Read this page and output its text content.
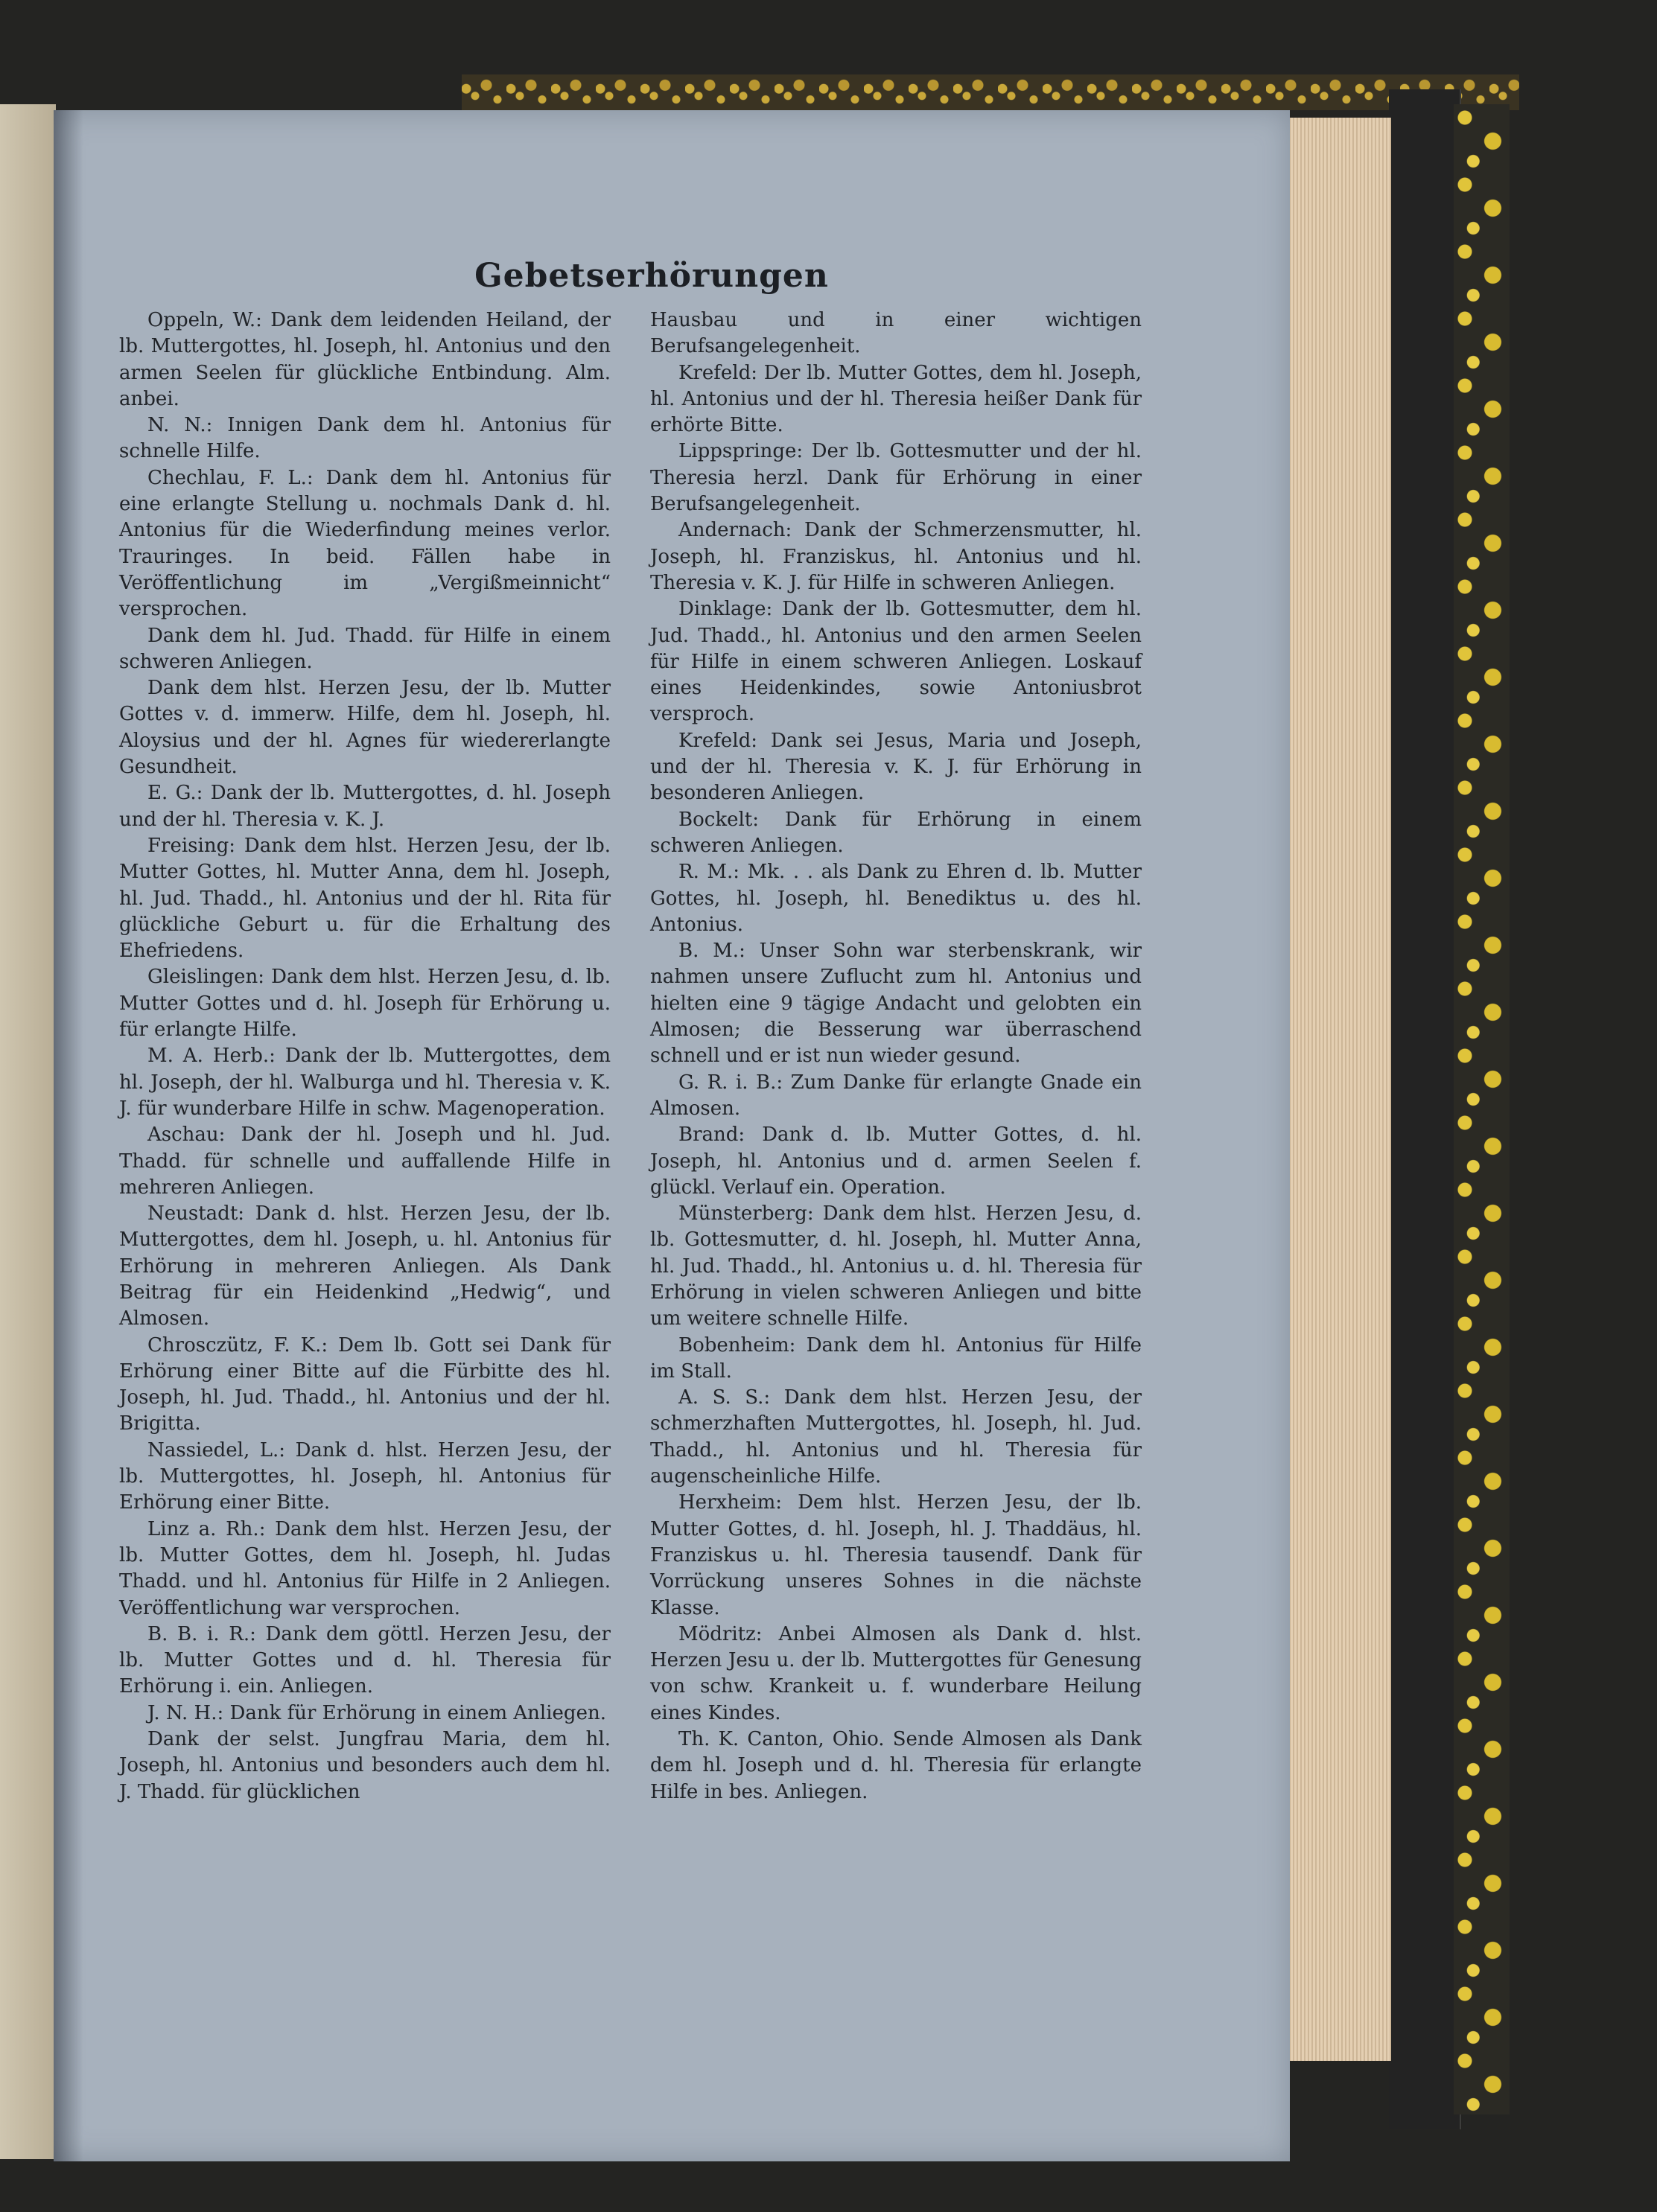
Gebetserhörungen

Oppeln, W.: Dank dem leidenden Heiland, der lb. Muttergottes, hl. Joseph, hl. Antonius und den armen Seelen für glückliche Entbindung. Alm. anbei.

N. N.: Innigen Dank dem hl. Antonius für schnelle Hilfe.

Chechlau, F. L.: Dank dem hl. Antonius für eine erlangte Stellung u. nochmals Dank d. hl. Antonius für die Wiederfindung meines verlor. Trauringes. In beid. Fällen habe in Veröffentlichung im „Vergißmeinnicht“ versprochen.

Dank dem hl. Jud. Thadd. für Hilfe in einem schweren Anliegen.

Dank dem hlst. Herzen Jesu, der lb. Mutter Gottes v. d. immerw. Hilfe, dem hl. Joseph, hl. Aloysius und der hl. Agnes für wiedererlangte Gesundheit.

E. G.: Dank der lb. Muttergottes, d. hl. Joseph und der hl. Theresia v. K. J.

Freising: Dank dem hlst. Herzen Jesu, der lb. Mutter Gottes, hl. Mutter Anna, dem hl. Joseph, hl. Jud. Thadd., hl. Antonius und der hl. Rita für glückliche Geburt u. für die Erhaltung des Ehefriedens.

Gleislingen: Dank dem hlst. Herzen Jesu, d. lb. Mutter Gottes und d. hl. Joseph für Erhörung u. für erlangte Hilfe.

M. A. Herb.: Dank der lb. Muttergottes, dem hl. Joseph, der hl. Walburga und hl. Theresia v. K. J. für wunderbare Hilfe in schw. Magenoperation.

Aschau: Dank der hl. Joseph und hl. Jud. Thadd. für schnelle und auffallende Hilfe in mehreren Anliegen.

Neustadt: Dank d. hlst. Herzen Jesu, der lb. Muttergottes, dem hl. Joseph, u. hl. Antonius für Erhörung in mehreren Anliegen. Als Dank Beitrag für ein Heidenkind „Hedwig“, und Almosen.

Chrosczütz, F. K.: Dem lb. Gott sei Dank für Erhörung einer Bitte auf die Fürbitte des hl. Joseph, hl. Jud. Thadd., hl. Antonius und der hl. Brigitta.

Nassiedel, L.: Dank d. hlst. Herzen Jesu, der lb. Muttergottes, hl. Joseph, hl. Antonius für Erhörung einer Bitte.

Linz a. Rh.: Dank dem hlst. Herzen Jesu, der lb. Mutter Gottes, dem hl. Joseph, hl. Judas Thadd. und hl. Antonius für Hilfe in 2 Anliegen. Veröffentlichung war versprochen.

B. B. i. R.: Dank dem göttl. Herzen Jesu, der lb. Mutter Gottes und d. hl. Theresia für Erhörung i. ein. Anliegen.

J. N. H.: Dank für Erhörung in einem Anliegen.

Dank der selst. Jungfrau Maria, dem hl. Joseph, hl. Antonius und besonders auch dem hl. J. Thadd. für glücklichen

Hausbau und in einer wichtigen Berufsangelegenheit.

Krefeld: Der lb. Mutter Gottes, dem hl. Joseph, hl. Antonius und der hl. Theresia heißer Dank für erhörte Bitte.

Lippspringe: Der lb. Gottesmutter und der hl. Theresia herzl. Dank für Erhörung in einer Berufsangelegenheit.

Andernach: Dank der Schmerzensmutter, hl. Joseph, hl. Franziskus, hl. Antonius und hl. Theresia v. K. J. für Hilfe in schweren Anliegen.

Dinklage: Dank der lb. Gottesmutter, dem hl. Jud. Thadd., hl. Antonius und den armen Seelen für Hilfe in einem schweren Anliegen. Loskauf eines Heidenkindes, sowie Antoniusbrot versproch.

Krefeld: Dank sei Jesus, Maria und Joseph, und der hl. Theresia v. K. J. für Erhörung in besonderen Anliegen.

Bockelt: Dank für Erhörung in einem schweren Anliegen.

R. M.: Mk. . . als Dank zu Ehren d. lb. Mutter Gottes, hl. Joseph, hl. Benediktus u. des hl. Antonius.

B. M.: Unser Sohn war sterbenskrank, wir nahmen unsere Zuflucht zum hl. Antonius und hielten eine 9 tägige Andacht und gelobten ein Almosen; die Besserung war überraschend schnell und er ist nun wieder gesund.

G. R. i. B.: Zum Danke für erlangte Gnade ein Almosen.

Brand: Dank d. lb. Mutter Gottes, d. hl. Joseph, hl. Antonius und d. armen Seelen f. glückl. Verlauf ein. Operation.

Münsterberg: Dank dem hlst. Herzen Jesu, d. lb. Gottesmutter, d. hl. Joseph, hl. Mutter Anna, hl. Jud. Thadd., hl. Antonius u. d. hl. Theresia für Erhörung in vielen schweren Anliegen und bitte um weitere schnelle Hilfe.

Bobenheim: Dank dem hl. Antonius für Hilfe im Stall.

A. S. S.: Dank dem hlst. Herzen Jesu, der schmerzhaften Muttergottes, hl. Joseph, hl. Jud. Thadd., hl. Antonius und hl. Theresia für augenscheinliche Hilfe.

Herxheim: Dem hlst. Herzen Jesu, der lb. Mutter Gottes, d. hl. Joseph, hl. J. Thaddäus, hl. Franziskus u. hl. Theresia tausendf. Dank für Vorrückung unseres Sohnes in die nächste Klasse.

Mödritz: Anbei Almosen als Dank d. hlst. Herzen Jesu u. der lb. Muttergottes für Genesung von schw. Krankeit u. f. wunderbare Heilung eines Kindes.

Th. K. Canton, Ohio. Sende Almosen als Dank dem hl. Joseph und d. hl. Theresia für erlangte Hilfe in bes. Anliegen.
